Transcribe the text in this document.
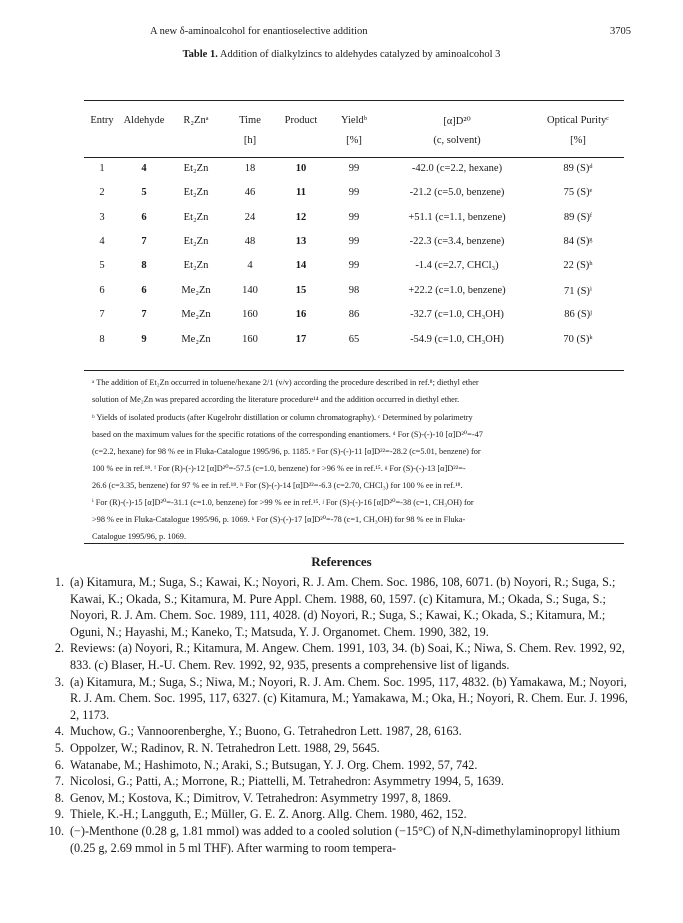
A new δ-aminoalcohol for enantioselective addition	3705
Table 1. Addition of dialkylzincs to aldehydes catalyzed by aminoalcohol 3
Entry Aldehyde	R₂Znᵃ	Time	Product	Yieldᵇ	[α]D²⁰	Optical Purityᶜ
[h]	[%]	(c, solvent)	[%]
1	4	Et₂Zn	18	10	99	-42.0 (c=2.2, hexane)	89 (S)ᵈ
2	5	Et₂Zn	46	11	99	-21.2 (c=5.0, benzene)	75 (S)ᵉ
3	6	Et₂Zn	24	12	99	+51.1 (c=1.1, benzene)	89 (S)ᶠ
4	7	Et₂Zn	48	13	99	-22.3 (c=3.4, benzene)	84 (S)ᵍ
5	8	Et₂Zn	4	14	99	-1.4 (c=2.7, CHCl₃)	22 (S)ʰ
6	6	Me₂Zn	140	15	98	+22.2 (c=1.0, benzene)	71 (S)ⁱ
7	7	Me₂Zn	160	16	86	-32.7 (c=1.0, CH₃OH)	86 (S)ʲ
8	9	Me₂Zn	160	17	65	-54.9 (c=1.0, CH₃OH)	70 (S)ᵏ
ᵃ The addition of Et₂Zn occurred in toluene/hexane 2/1 (v/v) according the procedure described in ref.⁸; diethyl ether
solution of Me₂Zn was prepared according the literature procedure¹⁴ and the addition occurred in diethyl ether.
ᵇ Yields of isolated products (after Kugelrohr distillation or column chromatography). ᶜ Determined by polarimetry
based on the maximum values for the specific rotations of the corresponding enantiomers. ᵈ For (S)-(-)-10 [α]D²⁰=-47
(c=2.2, hexane) for 98 % ee in Fluka-Catalogue 1995/96, p. 1185. ᵉ For (S)-(-)-11 [α]D²²=-28.2 (c=5.01, benzene) for
100 % ee in ref.¹⁸. ᶠ For (R)-(-)-12 [α]D²⁰=-57.5 (c=1.0, benzene) for >96 % ee in ref.¹⁵. ᵍ For (S)-(-)-13 [α]D²²=-
26.6 (c=3.35, benzene) for 97 % ee in ref.¹⁸. ʰ For (S)-(-)-14 [α]D²²=-6.3 (c=2.70, CHCl₃) for 100 % ee in ref.¹⁸.
ⁱ For (R)-(-)-15 [α]D²⁰=-31.1 (c=1.0, benzene) for >99 % ee in ref.¹⁵. ʲ For (S)-(-)-16 [α]D²⁰=-38 (c=1, CH₃OH) for
>98 % ee in Fluka-Catalogue 1995/96, p. 1069. ᵏ For (S)-(-)-17 [α]D²⁰=-78 (c=1, CH₃OH) for 98 % ee in Fluka-
Catalogue 1995/96, p. 1069.
References

1. (a) Kitamura, M.; Suga, S.; Kawai, K.; Noyori, R. J. Am. Chem. Soc. 1986, 108, 6071. (b) Noyori, R.; Suga, S.; Kawai, K.; Okada, S.; Kitamura, M. Pure Appl. Chem. 1988, 60, 1597. (c) Kitamura, M.; Okada, S.; Suga, S.; Noyori, R. J. Am. Chem. Soc. 1989, 111, 4028. (d) Noyori, R.; Suga, S.; Kawai, K.; Okada, S.; Kitamura, M.; Oguni, N.; Hayashi, M.; Kaneko, T.; Matsuda, Y. J. Organomet. Chem. 1990, 382, 19.

2. Reviews: (a) Noyori, R.; Kitamura, M. Angew. Chem. 1991, 103, 34. (b) Soai, K.; Niwa, S. Chem. Rev. 1992, 92, 833. (c) Blaser, H.-U. Chem. Rev. 1992, 92, 935, presents a comprehensive list of ligands.

3. (a) Kitamura, M.; Suga, S.; Niwa, M.; Noyori, R. J. Am. Chem. Soc. 1995, 117, 4832. (b) Yamakawa, M.; Noyori, R. J. Am. Chem. Soc. 1995, 117, 6327. (c) Kitamura, M.; Yamakawa, M.; Oka, H.; Noyori, R. Chem. Eur. J. 1996, 2, 1173.

4. Muchow, G.; Vannoorenberghe, Y.; Buono, G. Tetrahedron Lett. 1987, 28, 6163.

5. Oppolzer, W.; Radinov, R. N. Tetrahedron Lett. 1988, 29, 5645.

6. Watanabe, M.; Hashimoto, N.; Araki, S.; Butsugan, Y. J. Org. Chem. 1992, 57, 742.

7. Nicolosi, G.; Patti, A.; Morrone, R.; Piattelli, M. Tetrahedron: Asymmetry 1994, 5, 1639.

8. Genov, M.; Kostova, K.; Dimitrov, V. Tetrahedron: Asymmetry 1997, 8, 1869.

9. Thiele, K.-H.; Langguth, E.; Müller, G. E. Z. Anorg. Allg. Chem. 1980, 462, 152.

10. (−)-Menthone (0.28 g, 1.81 mmol) was added to a cooled solution (−15°C) of N,N-dimethylaminopropyl lithium (0.25 g, 2.69 mmol in 5 ml THF). After warming to room tempera-
